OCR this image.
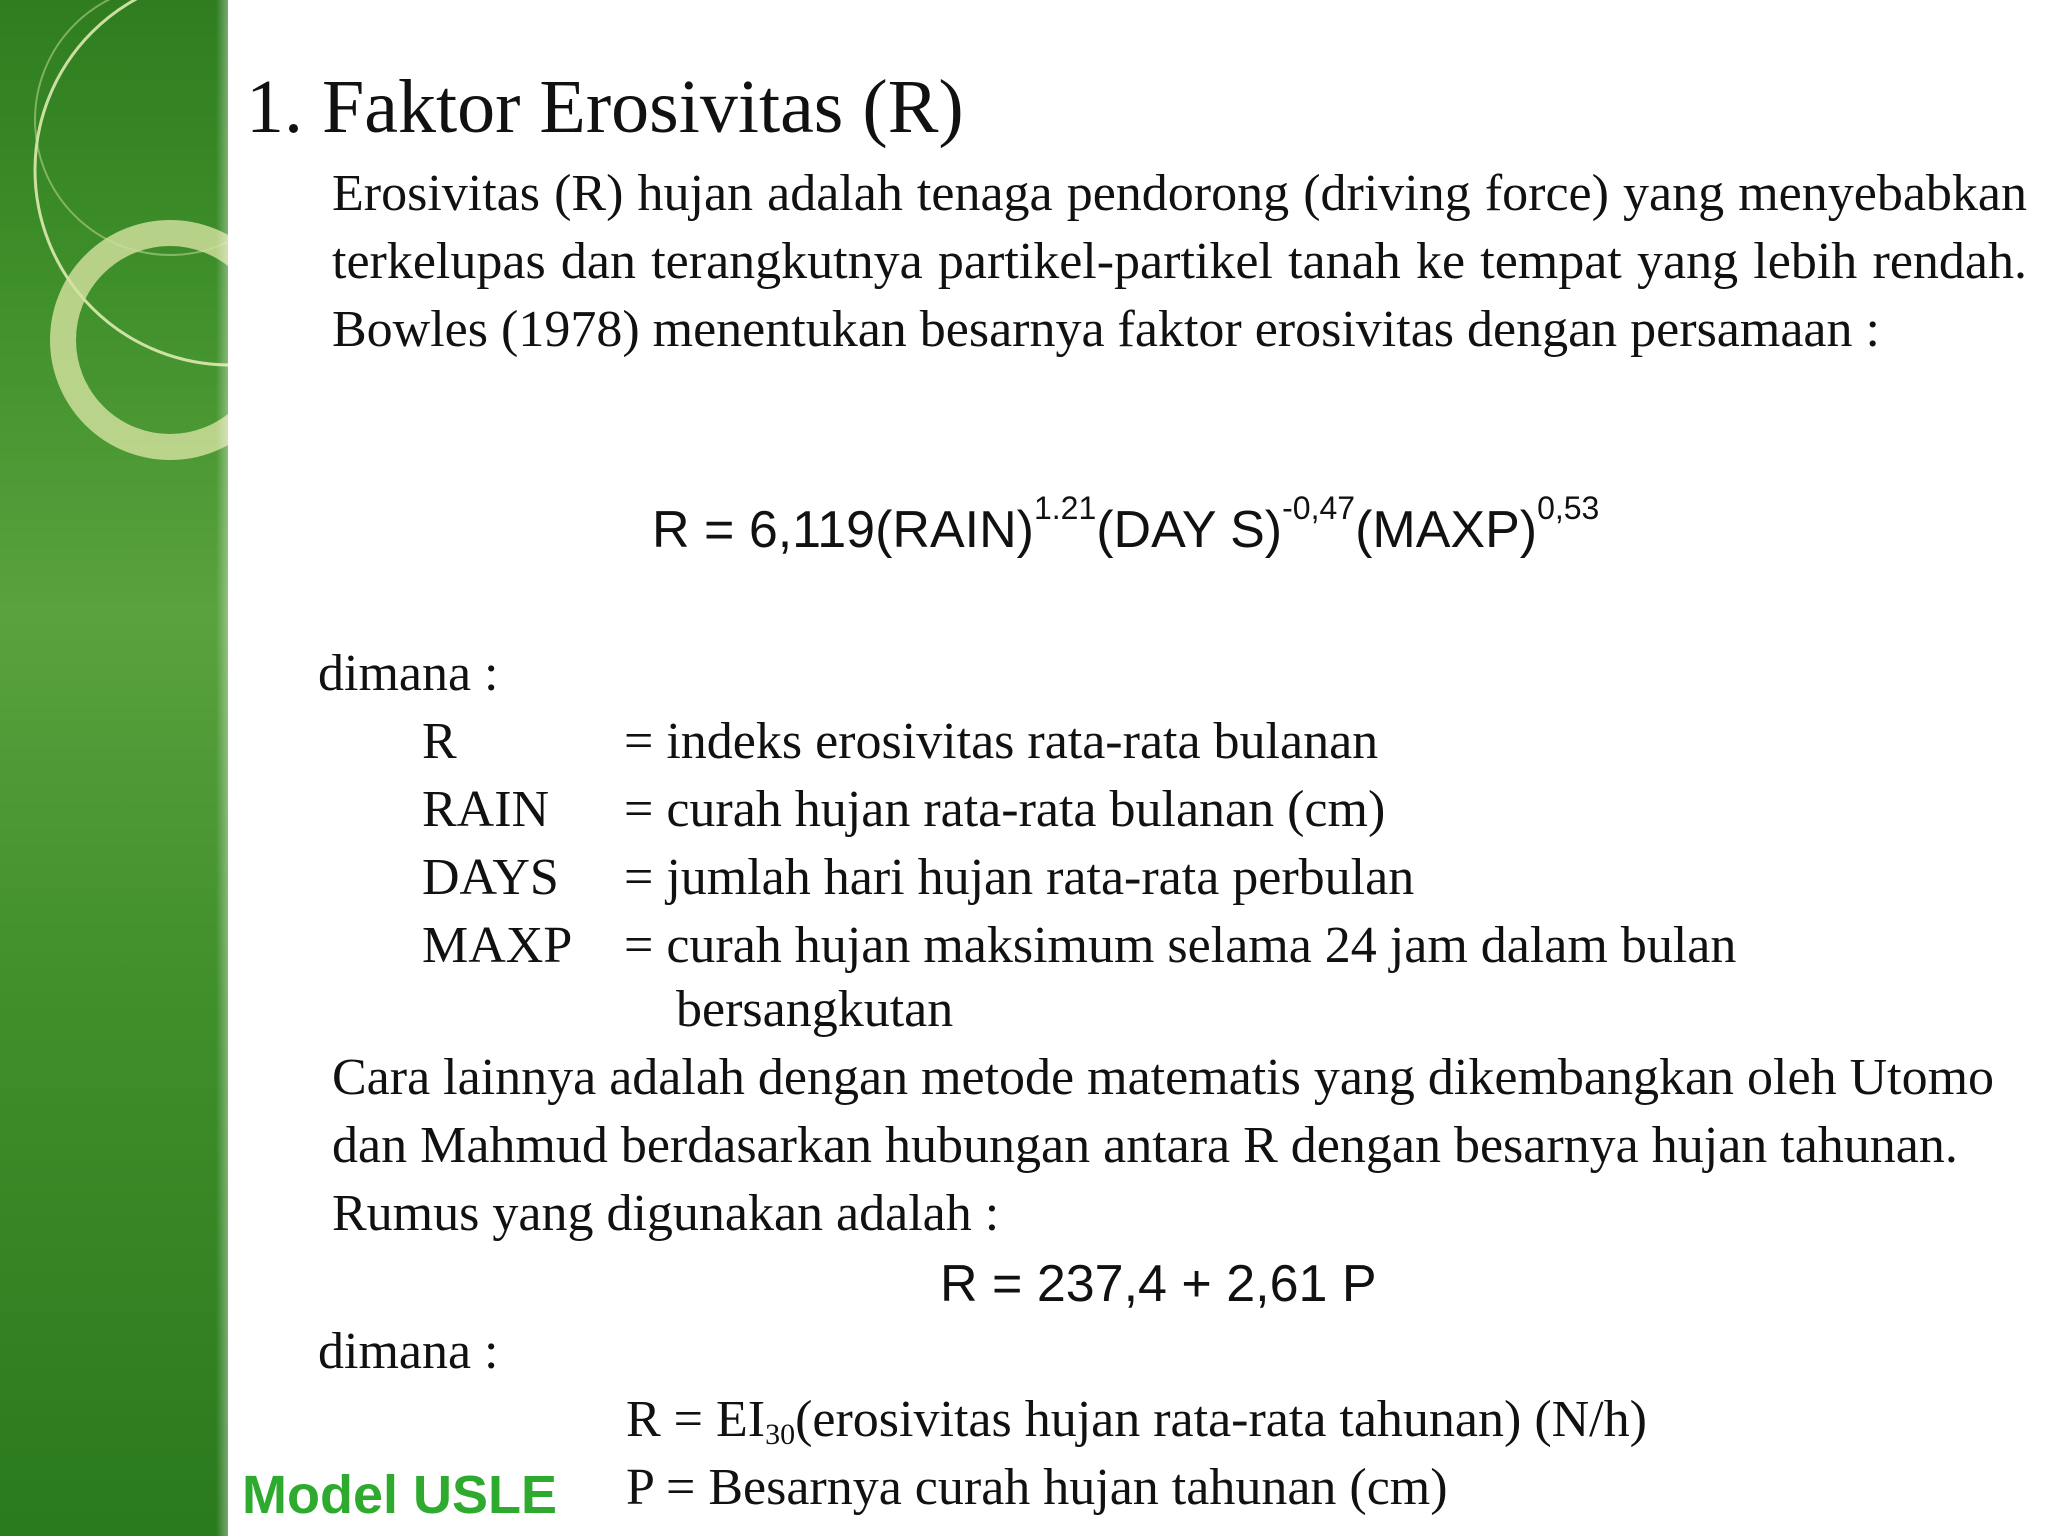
1. Faktor Erosivitas (R)
Erosivitas (R) hujan adalah tenaga pendorong (driving force) yang menyebabkan terkelupas dan terangkutnya partikel-partikel tanah ke tempat yang lebih rendah. Bowles (1978) menentukan besarnya faktor erosivitas dengan persamaan :
R = 6,119(RAIN)$^{1.21}$(DAY S)$^{-0,47}$(MAXP)$^{0,53}$
dimana :
R	= indeks erosivitas rata-rata bulanan
RAIN = curah hujan rata-rata bulanan (cm)
DAYS = jumlah hari hujan rata-rata perbulan
MAXP = curah hujan maksimum selama 24 jam dalam bulan
bersangkutan
Cara lainnya adalah dengan metode matematis yang dikembangkan oleh Utomo dan Mahmud berdasarkan hubungan antara R dengan besarnya hujan tahunan. Rumus yang digunakan adalah :
R = 237,4 + 2,61 P
dimana :
$R = EI_{30}(erosivitas$ hujan rata-rata tahunan) (N/h)
P = Besarnya curah hujan tahunan (cm)
Model USLE
